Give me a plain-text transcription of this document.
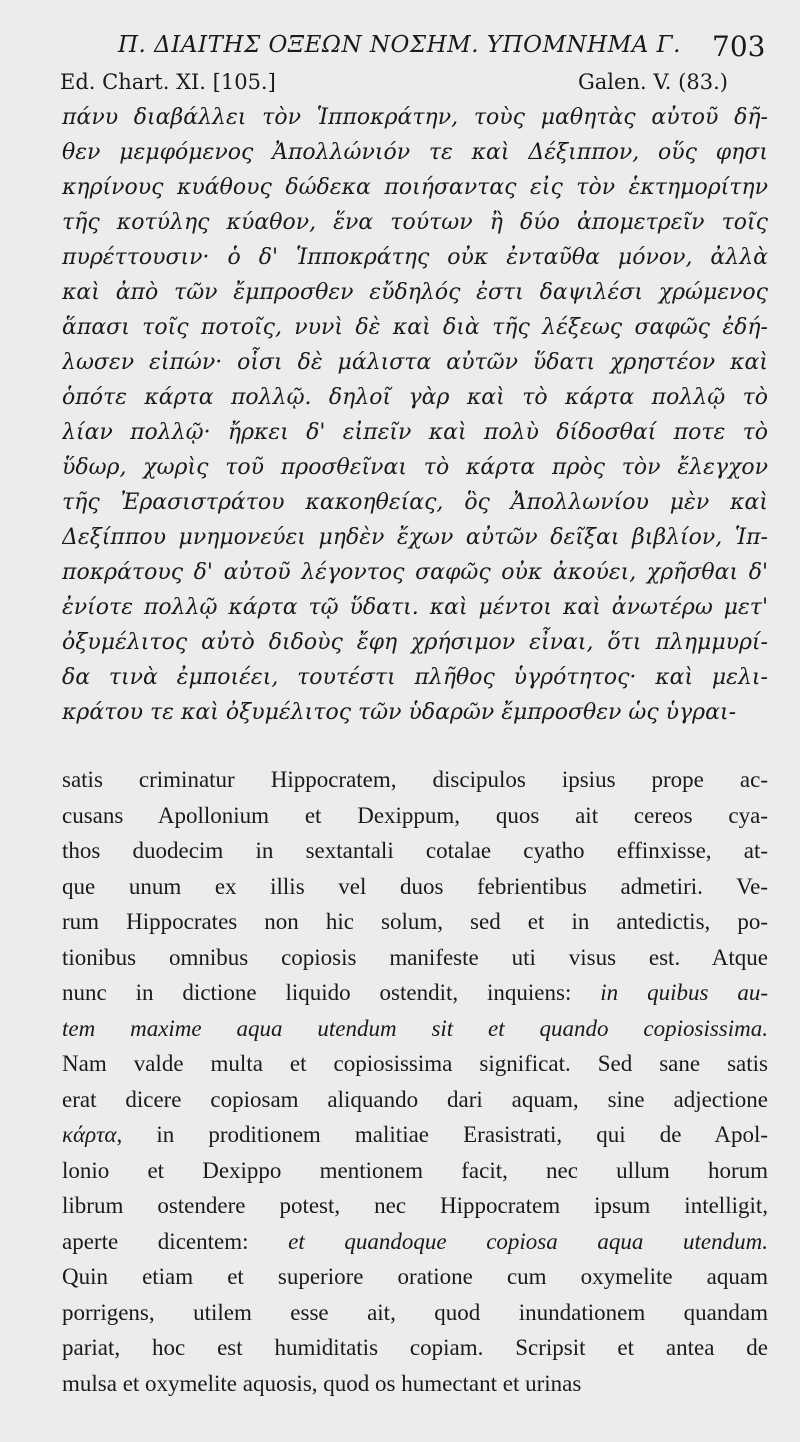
Π. ΔΙΑΙΤΗΣ ΟΞΕΩΝ ΝΟΣΗΜ. ΥΠΟΜΝΗΜΑ Γ. 703
Ed. Chart. XI. [105.]	Galen. V. (83.)
πάνυ διαβάλλει τὸν Ἱπποκράτην, τοὺς μαθητὰς αὐτοῦ δῆ-
θεν μεμφόμενος Ἀπολλώνιόν τε καὶ Δέξιππον, οὕς φησι
κηρίνους κυάθους δώδεκα ποιήσαντας εἰς τὸν ἑκτημορίτην
τῆς κοτύλης κύαθον, ἕνα τούτων ἢ δύο ἀπομετρεῖν τοῖς
πυρέττουσιν· ὁ δ' Ἱπποκράτης οὐκ ἐνταῦθα μόνον, ἀλλὰ
καὶ ἀπὸ τῶν ἔμπροσθεν εὔδηλός ἐστι δαψιλέσι χρώμενος
ἅπασι τοῖς ποτοῖς, νυνὶ δὲ καὶ διὰ τῆς λέξεως σαφῶς ἐδή-
λωσεν εἰπών· οἷσι δὲ μάλιστα αὐτῶν ὕδατι χρηστέον καὶ
ὁπότε κάρτα πολλῷ. δηλοῖ γὰρ καὶ τὸ κάρτα πολλῷ τὸ
λίαν πολλῷ· ἤρκει δ' εἰπεῖν καὶ πολὺ δίδοσθαί ποτε τὸ
ὕδωρ, χωρὶς τοῦ προσθεῖναι τὸ κάρτα πρὸς τὸν ἔλεγχον
τῆς Ἐρασιστράτου κακοηθείας, ὃς Ἀπολλωνίου μὲν καὶ
Δεξίππου μνημονεύει μηδὲν ἔχων αὐτῶν δεῖξαι βιβλίον, Ἱπ-
ποκράτους δ' αὐτοῦ λέγοντος σαφῶς οὐκ ἀκούει, χρῆσθαι δ'
ἐνίοτε πολλῷ κάρτα τῷ ὕδατι. καὶ μέντοι καὶ ἀνωτέρω μετ'
ὀξυμέλιτος αὐτὸ διδοὺς ἔφη χρήσιμον εἶναι, ὅτι πλημμυρί-
δα τινὰ ἐμποιέει, τουτέστι πλῆθος ὑγρότητος· καὶ μελι-
κράτου τε καὶ ὀξυμέλιτος τῶν ὑδαρῶν ἔμπροσθεν ὡς ὑγραι-
satis criminatur Hippocratem, discipulos ipsius prope ac-
cusans Apollonium et Dexippum, quos ait cereos cya-
thos duodecim in sextantali cotalae cyatho effinxisse, at-
que unum ex illis vel duos febrientibus admetiri. Ve-
rum Hippocrates non hic solum, sed et in antedictis, po-
tionibus omnibus copiosis manifeste uti visus est. Atque
nunc in dictione liquido ostendit, inquiens: in quibus au-
tem maxime aqua utendum sit et quando copiosissima.
Nam valde multa et copiosissima significat. Sed sane satis
erat dicere copiosam aliquando dari aquam, sine adjectione
κάρτα, in proditionem malitiae Erasistrati, qui de Apol-
lonio et Dexippo mentionem facit, nec ullum horum
librum ostendere potest, nec Hippocratem ipsum intelligit,
aperte dicentem: et quandoque copiosa aqua utendum.
Quin etiam et superiore oratione cum oxymelite aquam
porrigens, utilem esse ait, quod inundationem quandam
pariat, hoc est humiditatis copiam. Scripsit et antea de
mulsa et oxymelite aquosis, quod os humectant et urinas
